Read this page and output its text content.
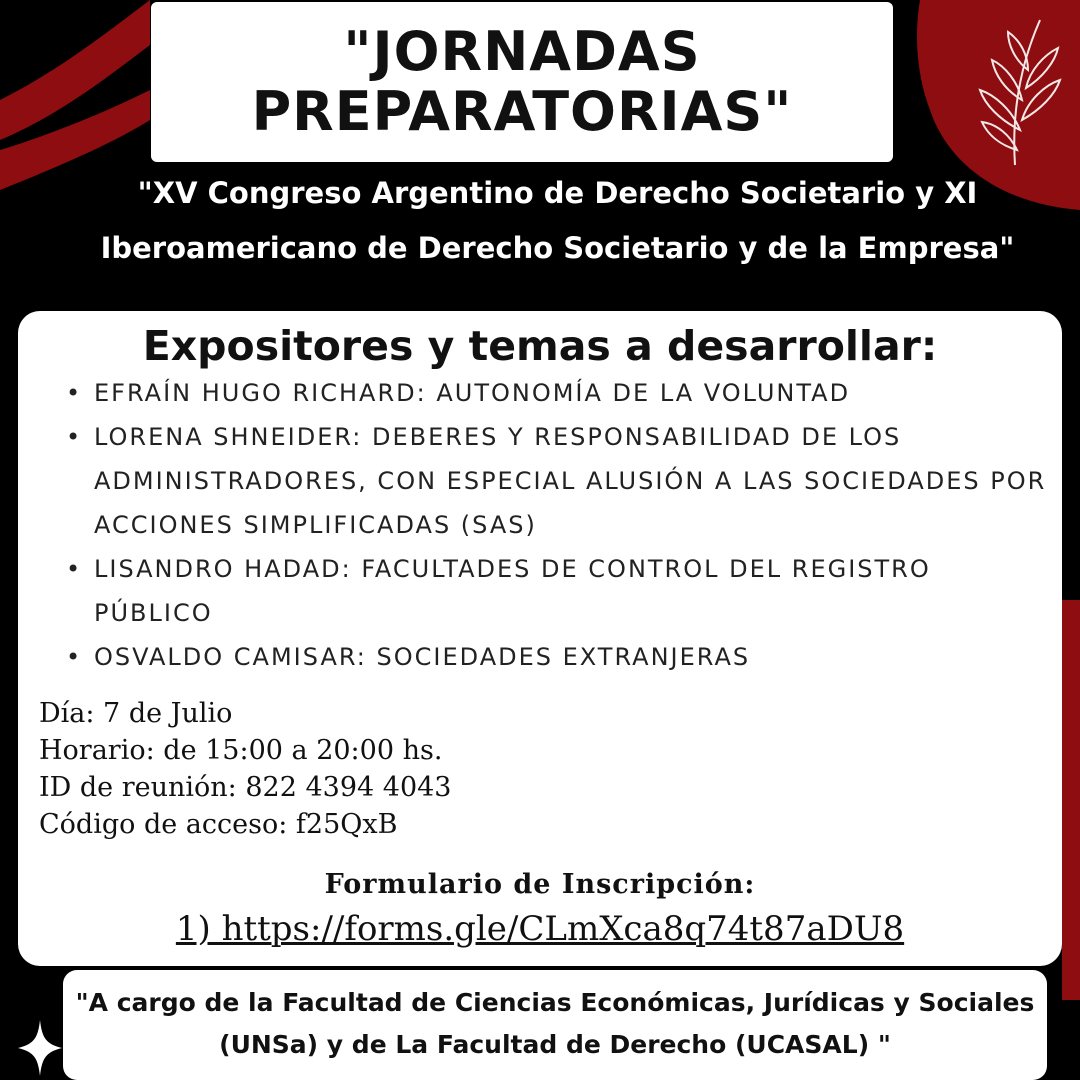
"JORNADAS PREPARATORIAS"
"XV Congreso Argentino de Derecho Societario y XI Iberoamericano de Derecho Societario y de la Empresa"
Expositores y temas a desarrollar:
• EFRAÍN HUGO RICHARD: AUTONOMÍA DE LA VOLUNTAD
• LORENA SHNEIDER: DEBERES Y RESPONSABILIDAD DE LOS ADMINISTRADORES, CON ESPECIAL ALUSIÓN A LAS SOCIEDADES POR ACCIONES SIMPLIFICADAS (SAS)
• LISANDRO HADAD: FACULTADES DE CONTROL DEL REGISTRO PÚBLICO
• OSVALDO CAMISAR: SOCIEDADES EXTRANJERAS
Día: 7 de Julio
Horario: de 15:00 a 20:00 hs.
ID de reunión: 822 4394 4043
Código de acceso: f25QxB
Formulario de Inscripción:
1) https://forms.gle/CLmXca8q74t87aDU8
"A cargo de la Facultad de Ciencias Económicas, Jurídicas y Sociales (UNSa) y de La Facultad de Derecho (UCASAL) "
